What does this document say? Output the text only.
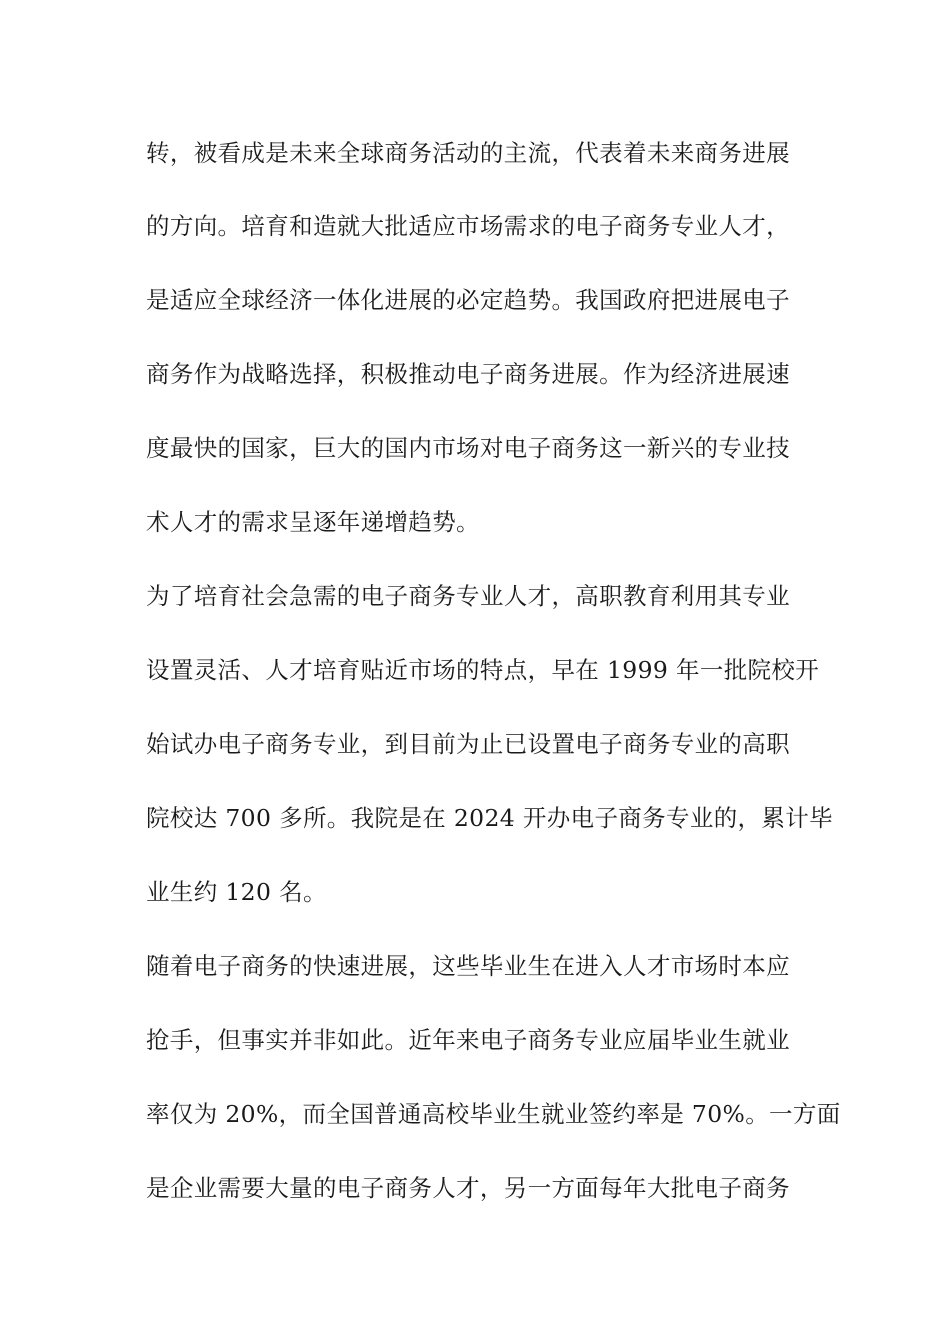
转，被看成是未来全球商务活动的主流，代表着未来商务进展
的方向。培育和造就大批适应市场需求的电子商务专业人才，
是适应全球经济一体化进展的必定趋势。我国政府把进展电子
商务作为战略选择，积极推动电子商务进展。作为经济进展速
度最快的国家，巨大的国内市场对电子商务这一新兴的专业技
术人才的需求呈逐年递增趋势。
为了培育社会急需的电子商务专业人才，高职教育利用其专业
设置灵活、人才培育贴近市场的特点，早在 1999 年一批院校开
始试办电子商务专业，到目前为止已设置电子商务专业的高职
院校达 700 多所。我院是在 2024 开办电子商务专业的，累计毕
业生约 120 名。
随着电子商务的快速进展，这些毕业生在进入人才市场时本应
抢手，但事实并非如此。近年来电子商务专业应届毕业生就业
率仅为 20%，而全国普通高校毕业生就业签约率是 70%。一方面
是企业需要大量的电子商务人才，另一方面每年大批电子商务
